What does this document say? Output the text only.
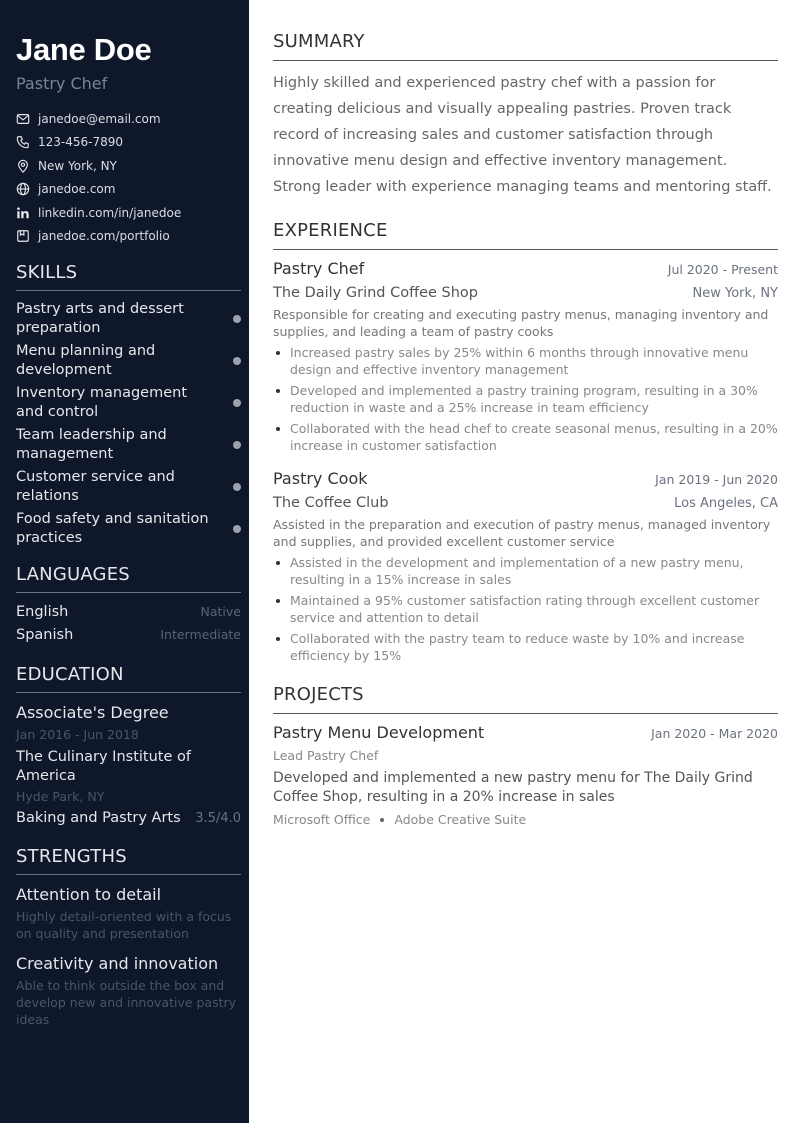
Jane Doe
Pastry Chef
janedoe@email.com
123-456-7890
New York, NY
janedoe.com
linkedin.com/in/janedoe
janedoe.com/portfolio
SKILLS
Pastry arts and dessert preparation
Menu planning and development
Inventory management and control
Team leadership and management
Customer service and relations
Food safety and sanitation practices
LANGUAGES
English	Native
Spanish	Intermediate
EDUCATION
Associate's Degree
Jan 2016 - Jun 2018
The Culinary Institute of America
Hyde Park, NY
Baking and Pastry Arts 3.5/4.0
STRENGTHS
Attention to detail
Highly detail-oriented with a focus on quality and presentation
Creativity and innovation
Able to think outside the box and develop new and innovative pastry ideas
SUMMARY
Highly skilled and experienced pastry chef with a passion for creating delicious and visually appealing pastries. Proven track record of increasing sales and customer satisfaction through innovative menu design and effective inventory management. Strong leader with experience managing teams and mentoring staff.
EXPERIENCE
Pastry Chef	Jul 2020 - Present
The Daily Grind Coffee Shop	New York, NY
Responsible for creating and executing pastry menus, managing inventory and supplies, and leading a team of pastry cooks
Increased pastry sales by 25% within 6 months through innovative menu design and effective inventory management
Developed and implemented a pastry training program, resulting in a 30% reduction in waste and a 25% increase in team efficiency
Collaborated with the head chef to create seasonal menus, resulting in a 20% increase in customer satisfaction
Pastry Cook	Jan 2019 - Jun 2020
The Coffee Club	Los Angeles, CA
Assisted in the preparation and execution of pastry menus, managed inventory and supplies, and provided excellent customer service
Assisted in the development and implementation of a new pastry menu, resulting in a 15% increase in sales
Maintained a 95% customer satisfaction rating through excellent customer service and attention to detail
Collaborated with the pastry team to reduce waste by 10% and increase efficiency by 15%
PROJECTS
Pastry Menu Development	Jan 2020 - Mar 2020
Lead Pastry Chef
Developed and implemented a new pastry menu for The Daily Grind Coffee Shop, resulting in a 20% increase in sales
Microsoft Office Adobe Creative Suite
